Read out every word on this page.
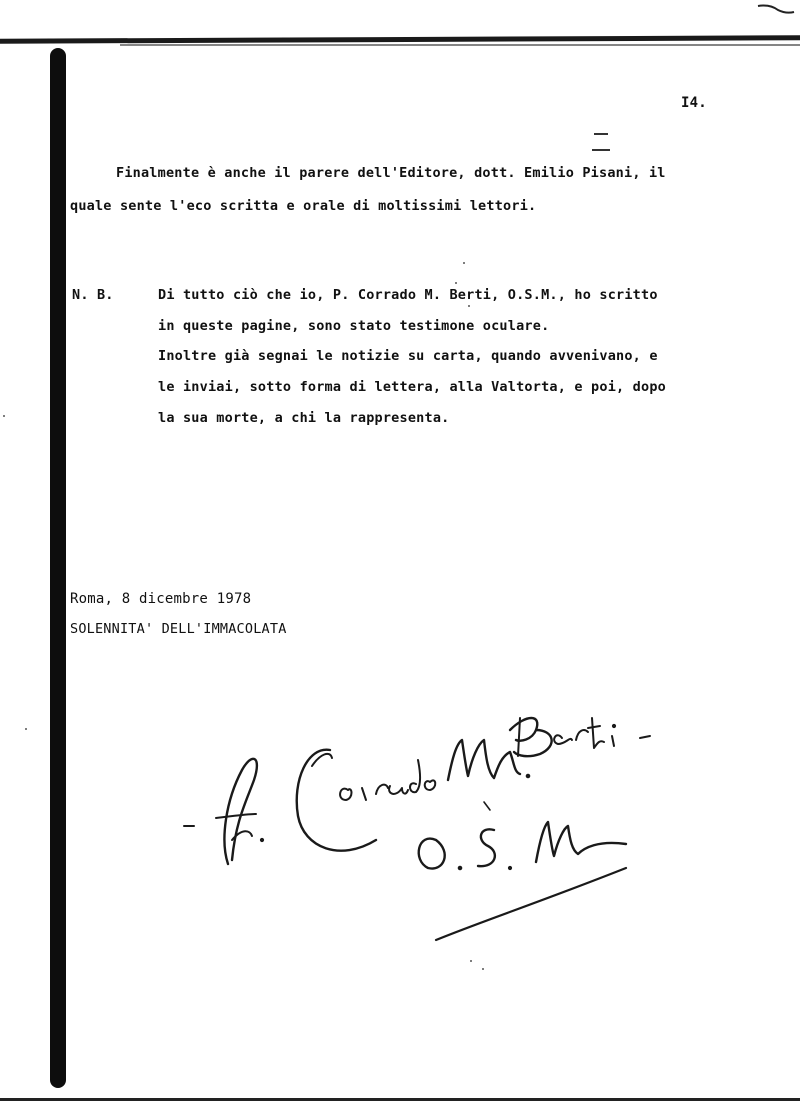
I4.
Finalmente è anche il parere dell'Editore, dott. Emilio Pisani, il
quale sente l'eco scritta e orale di moltissimi lettori.
N. B.	Di tutto ciò che io, P. Corrado M. Berti, O.S.M., ho scritto
in queste pagine, sono stato testimone oculare.
Inoltre già segnai le notizie su carta, quando avvenivano, e
le inviai, sotto forma di lettera, alla Valtorta, e poi, dopo
la sua morte, a chi la rappresenta.
Roma, 8 dicembre 1978
SOLENNITA' DELL'IMMACOLATA
